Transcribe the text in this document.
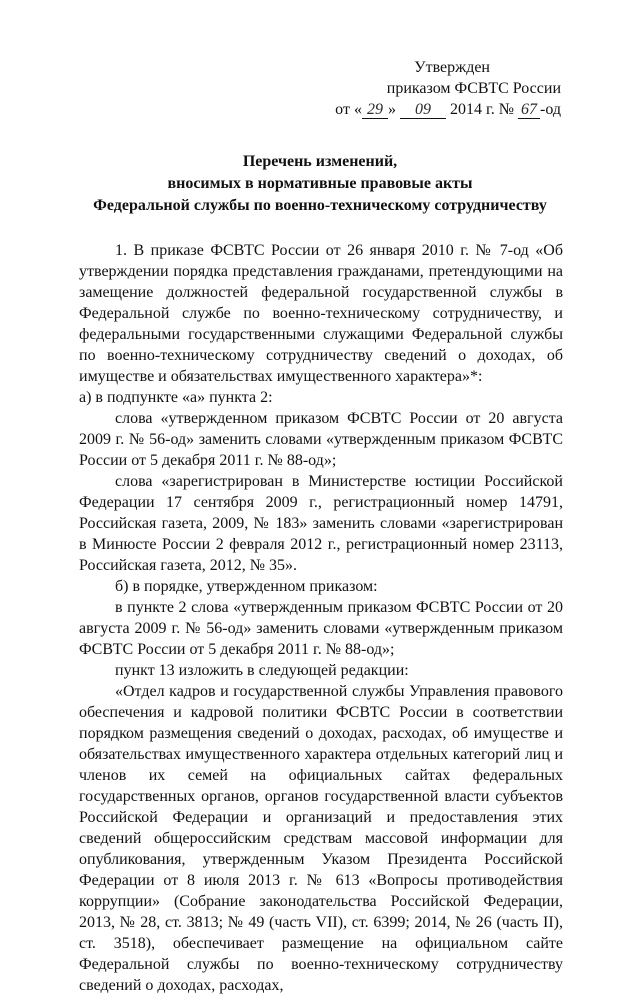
Утвержден
приказом ФСВТС России
от « 29 » 09 2014 г. № 67 -од
Перечень изменений,
вносимых в нормативные правовые акты
Федеральной службы по военно-техническому сотрудничеству

1. В приказе ФСВТС России от 26 января 2010 г. № 7-од «Об утверждении порядка представления гражданами, претендующими на замещение должностей федеральной государственной службы в Федеральной службе по военно-техническому сотрудничеству, и федеральными государственными служащими Федеральной службы по военно-техническому сотрудничеству сведений о доходах, об имуществе и обязательствах имущественного характера»*:

а) в подпункте «а» пункта 2:

слова «утвержденном приказом ФСВТС России от 20 августа 2009 г. № 56-од» заменить словами «утвержденным приказом ФСВТС России от 5 декабря 2011 г. № 88-од»;

слова «зарегистрирован в Министерстве юстиции Российской Федерации 17 сентября 2009 г., регистрационный номер 14791, Российская газета, 2009, № 183» заменить словами «зарегистрирован в Минюсте России 2 февраля 2012 г., регистрационный номер 23113, Российская газета, 2012, № 35».

б) в порядке, утвержденном приказом:

в пункте 2 слова «утвержденным приказом ФСВТС России от 20 августа 2009 г. № 56-од» заменить словами «утвержденным приказом ФСВТС России от 5 декабря 2011 г. № 88-од»;

пункт 13 изложить в следующей редакции:

«Отдел кадров и государственной службы Управления правового обеспечения и кадровой политики ФСВТС России в соответствии порядком размещения сведений о доходах, расходах, об имуществе и обязательствах имущественного характера отдельных категорий лиц и членов их семей на официальных сайтах федеральных государственных органов, органов государственной власти субъектов Российской Федерации и организаций и предоставления этих сведений общероссийским средствам массовой информации для опубликования, утвержденным Указом Президента Российской Федерации от 8 июля 2013 г. № 613 «Вопросы противодействия коррупции» (Собрание законодательства Российской Федерации, 2013, № 28, ст. 3813; № 49 (часть VII), ст. 6399; 2014, № 26 (часть II), ст. 3518), обеспечивает размещение на официальном сайте Федеральной службы по военно-техническому сотрудничеству сведений о доходах, расходах,
